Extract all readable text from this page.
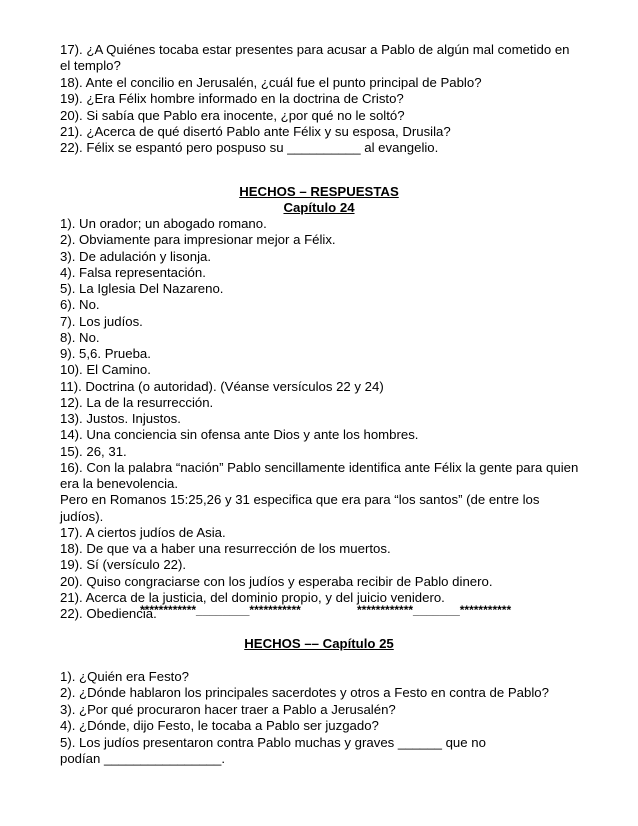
17). ¿A Quiénes tocaba estar presentes para acusar a Pablo de algún mal cometido en
el templo?
18). Ante el concilio en Jerusalén, ¿cuál fue el punto principal de Pablo?
19). ¿Era Félix hombre informado en la doctrina de Cristo?
20). Si sabía que Pablo era inocente, ¿por qué no le soltó?
21). ¿Acerca de qué disertó Pablo ante Félix y su esposa, Drusila?
22). Félix se espantó pero pospuso su __________ al evangelio.
HECHOS – RESPUESTAS
Capítulo 24
1). Un orador; un abogado romano.
2). Obviamente para impresionar mejor a Félix.
3). De adulación y lisonja.
4). Falsa representación.
5). La Iglesia Del Nazareno.
6). No.
7). Los judíos.
8). No.
9). 5,6. Prueba.
10). El Camino.
11). Doctrina (o autoridad). (Véanse versículos 22 y 24)
12). La de la resurrección.
13). Justos. Injustos.
14). Una conciencia sin ofensa ante Dios y ante los hombres.
15). 26, 31.
16). Con la palabra “nación” Pablo sencillamente identifica ante Félix la gente para quien
era la benevolencia.
Pero en Romanos 15:25,26 y 31 especifica que era para “los santos” (de entre los
judíos).
17). A ciertos judíos de Asia.
18). De que va a haber una resurrección de los muertos.
19). Sí (versículo 22).
20). Quiso congraciarse con los judíos y esperaba recibir de Pablo dinero.
21). Acerca de la justicia, del dominio propio, y del juicio venidero.
22). Obediencia.
************________***********	************_______***********
HECHOS –– Capítulo 25
1). ¿Quién era Festo?
2). ¿Dónde hablaron los principales sacerdotes y otros a Festo en contra de Pablo?
3). ¿Por qué procuraron hacer traer a Pablo a Jerusalén?
4). ¿Dónde, dijo Festo, le tocaba a Pablo ser juzgado?
5). Los judíos presentaron contra Pablo muchas y graves ______ que no
podían ________________.
